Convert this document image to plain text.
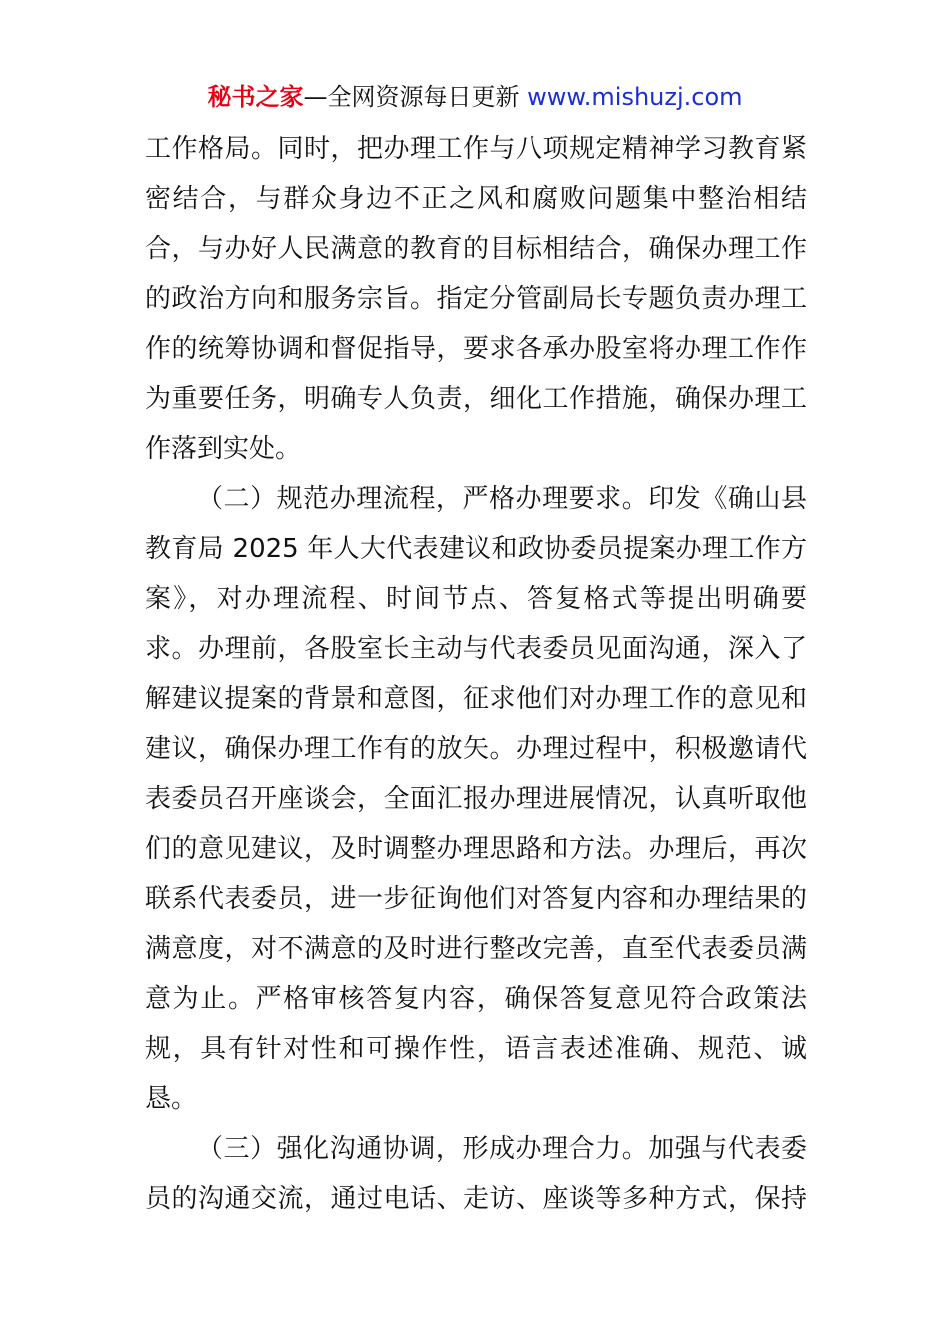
秘书之家—全网资源每日更新 www.mishuzj.com
工作格局。同时，把办理工作与八项规定精神学习教育紧
密结合，与群众身边不正之风和腐败问题集中整治相结
合，与办好人民满意的教育的目标相结合，确保办理工作
的政治方向和服务宗旨。指定分管副局长专题负责办理工
作的统筹协调和督促指导，要求各承办股室将办理工作作
为重要任务，明确专人负责，细化工作措施，确保办理工
作落到实处。
（二）规范办理流程，严格办理要求。印发《确山县
教育局 2025 年人大代表建议和政协委员提案办理工作方
案》，对办理流程、时间节点、答复格式等提出明确要
求。办理前，各股室长主动与代表委员见面沟通，深入了
解建议提案的背景和意图，征求他们对办理工作的意见和
建议，确保办理工作有的放矢。办理过程中，积极邀请代
表委员召开座谈会，全面汇报办理进展情况，认真听取他
们的意见建议，及时调整办理思路和方法。办理后，再次
联系代表委员，进一步征询他们对答复内容和办理结果的
满意度，对不满意的及时进行整改完善，直至代表委员满
意为止。严格审核答复内容，确保答复意见符合政策法
规，具有针对性和可操作性，语言表述准确、规范、诚
恳。
（三）强化沟通协调，形成办理合力。加强与代表委
员的沟通交流，通过电话、走访、座谈等多种方式，保持
